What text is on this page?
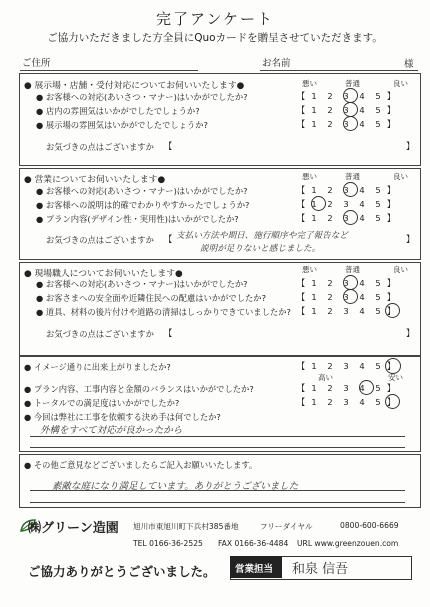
完了アンケート
ご協力いただきました方全員にQuoカードを贈呈させていただきます。
ご住所	お名前	様
● 展示場・店舗・受付対応についてお伺いいたします●	悪い	普通	良い
● お客様への対応(あいさつ・マナー)はいかがでしたか?	【 1 2 3 4 5 】
● 店内の雰囲気はいかがでしたでしょうか?	【 1 2 3 4 5 】
● 展示場の雰囲気はいかがでしたでしょうか?	【 1 2 3 4 5 】
お気づきの点はございますか 【	】
● 営業についてお伺いいたします●	悪い	普通	良い
● お客様への対応(あいさつ・マナー)はいかがでしたか?	【 1 2 3 4 5 】
● お客様への説明は的確でわかりやすかったでしょうか?	【 1 2 3 4 5 】
● プラン内容(デザイン性・実用性)はいかがでしたか?	【 1 2 3 4 5 】
お気づきの点はございますか 【 支払い方法や期日、施行順序や完了報告など
説明が足りないと感じました。
】
● 現場職人についてお伺いいたします●	悪い	普通	良い
● お客様への対応(あいさつ・マナー)はいかがでしたか?	【 1 2 3 4 5 】
● お客さまへの安全面や近隣住民への配慮はいかがでしたか?	【 1 2 3 4 5 】
● 道具、材料の後片付けや道路の清掃はしっかりできていましたか? 【 1 2 3 4 5 】
お気づきの点はございますか 【	】
● イメージ通りに出来上がりましたか?	【 1 2 3 4 5 】
高い	安い
● プラン内容、工事内容と金額のバランスはいかがでしたか?	【 1 2 3 4 5 】
● トータルでの満足度はいかがでしたか?	【 1 2 3 4 5 】
● 今回は弊社に工事を依頼する決め手は何でしたか?
外構をすべて対応が良かったから
● その他ご意見などございましたらご記入お願いいたします。
素敵な庭になり満足しています。ありがとうございました
㈱グリーン造園 旭川市東旭川町下兵村385番地	フリーダイヤル	0800-600-6669
TEL 0166-36-2525 FAX 0166-36-4484 URL www.greenzouen.com
ご協力ありがとうございました。 営業担当 和泉 信吾
